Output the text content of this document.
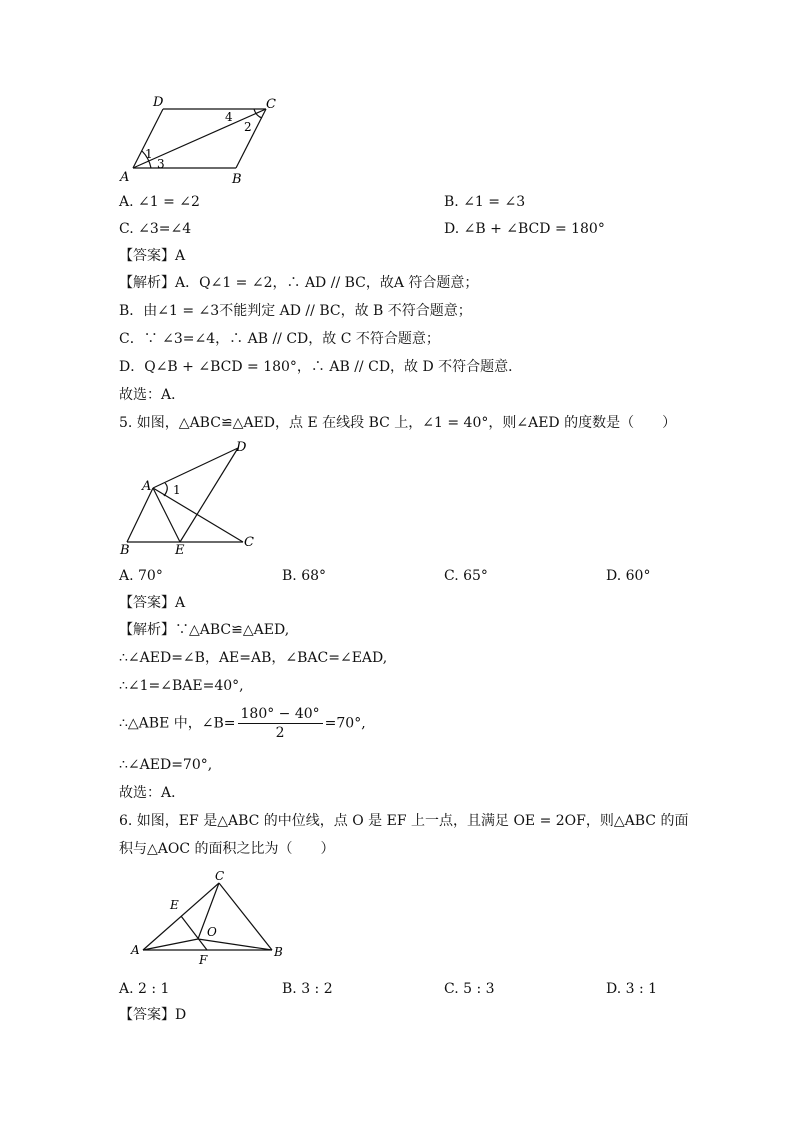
D	C
A	B
1
2
3
4
A. ∠1 = ∠2	B. ∠1 = ∠3
C. ∠3=∠4	D. ∠B + ∠BCD = 180°
【答案】A
【解析】A．Q∠1 = ∠2，∴ AD // BC，故A 符合题意；
B．由∠1 = ∠3不能判定 AD // BC，故 B 不符合题意；
C．∵ ∠3=∠4，∴ AB // CD，故 C 不符合题意；
D．Q∠B + ∠BCD = 180°，∴ AB // CD，故 D 不符合题意．
故选：A．
5. 如图，△ABC≌△AED，点 E 在线段 BC 上，∠1 = 40°，则∠AED 的度数是（　　）
D
A 1
B	E
C
A. 70°	B. 68°	C. 65°	D. 60°
【答案】A
【解析】∵△ABC≌△AED,
∴∠AED=∠B，AE=AB，∠BAC=∠EAD,
∴∠1=∠BAE=40°,
∴△ABE 中，∠B= $\frac{180^\circ - 40^\circ}{2} =70^\circ$,
∴∠AED=70°,
故选：A．
6. 如图，EF 是△ABC 的中位线，点 O 是 EF 上一点，且满足 OE = 2OF，则△ABC 的面
积与△AOC 的面积之比为（　　）
C
E
O
A
F
B
A. 2 : 1	B. 3 : 2	C. 5 : 3	D. 3 : 1
【答案】D
